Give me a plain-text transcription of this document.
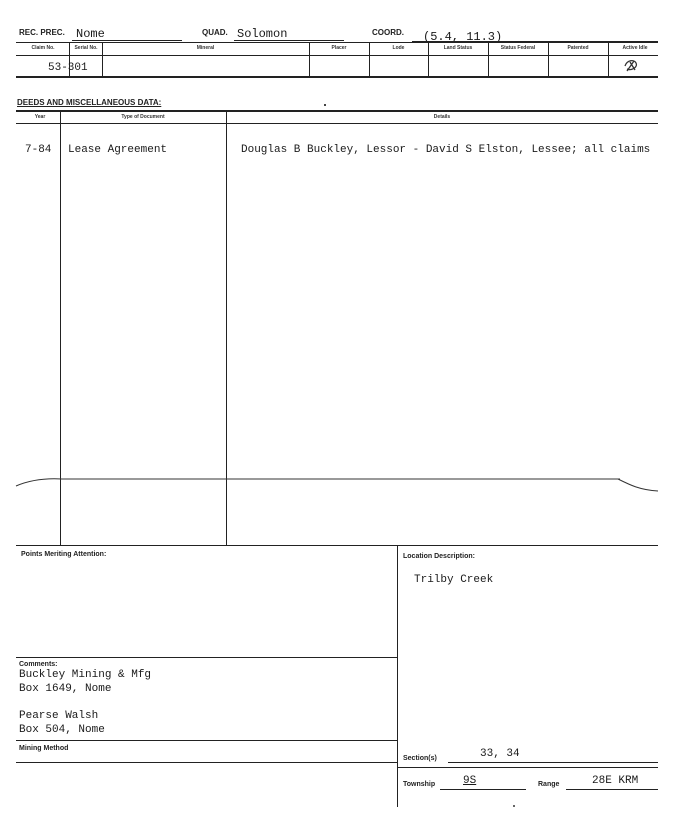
REC. PREC. Nome	QUAD. Solomon	COORD. (5.4, 11.3)
Claim No.	Serial No.	Mineral	Placer	Lode	Land Status	Status Federal	Patented	Active Idle
53-301
DEEDS AND MISCELLANEOUS DATA:
Year	Type of Document	Details
7-84 Lease Agreement	Douglas B Buckley, Lessor - David S Elston, Lessee; all claims
Points Meriting Attention:	Location Description:
Trilby Creek
Comments:
Buckley Mining & Mfg
Box 1649, Nome
Pearse Walsh
Box 504, Nome
Mining Method
Section(s)	33, 34
Township	9S	Range	28E KRM
